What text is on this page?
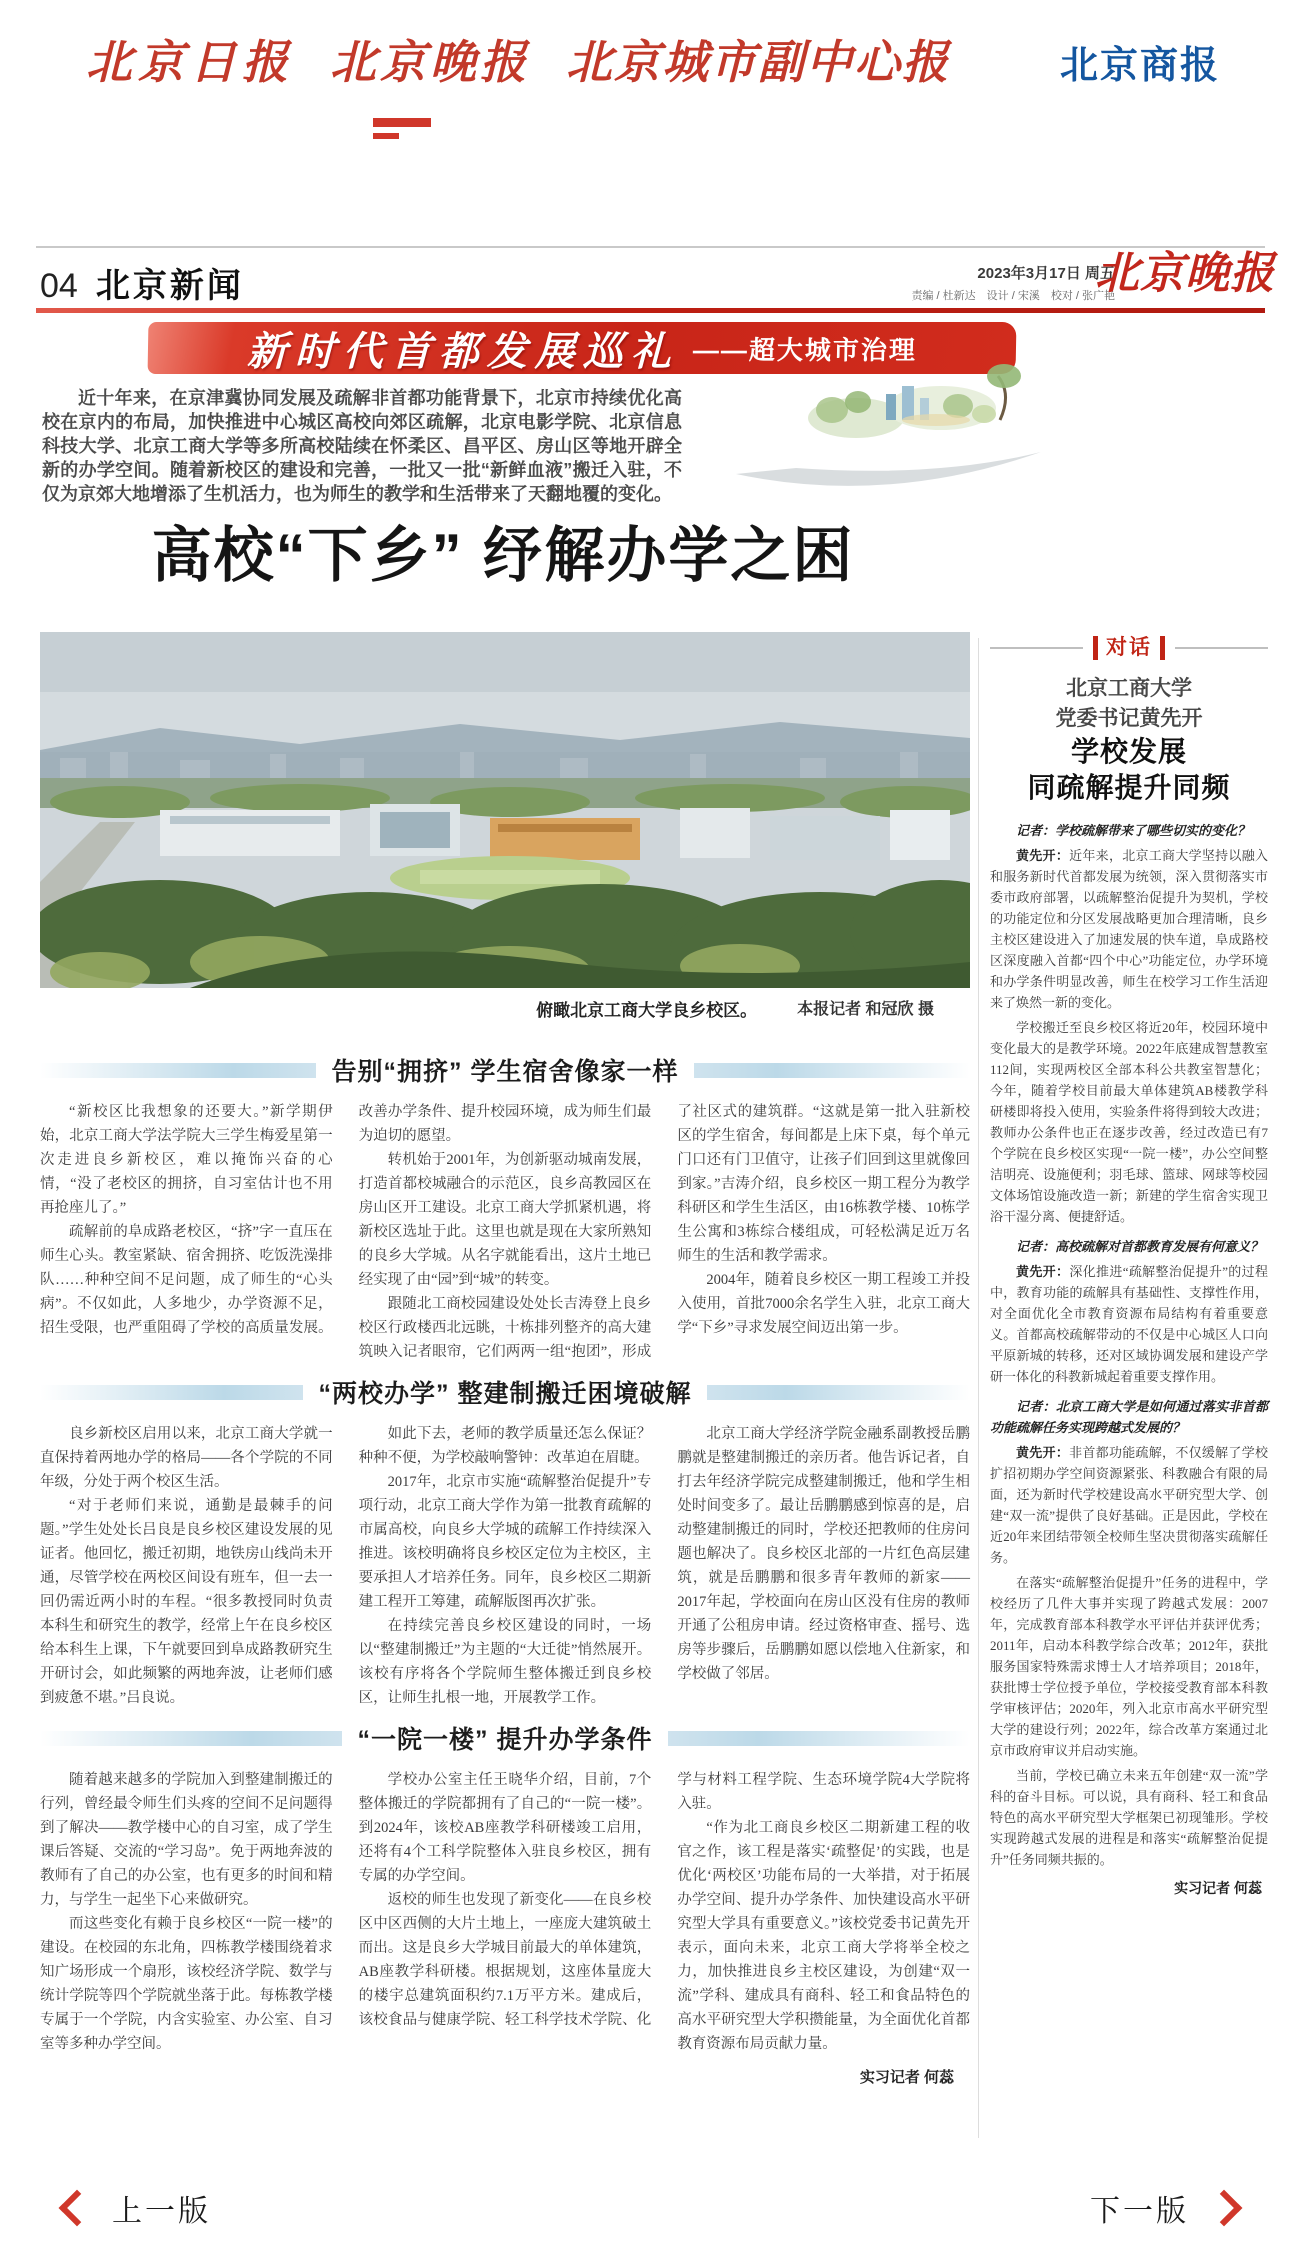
北京日报 北京晚报 北京城市副中心报	北京商报
04 北京新闻	2023年3月17日 周五
责编 / 杜新达　设计 / 宋溪　校对 / 张广艳
北京晚报
新时代首都发展巡礼 ——超大城市治理
近十年来，在京津冀协同发展及疏解非首都功能背景下，北京市持续优化高校在京内的布局，加快推进中心城区高校向郊区疏解，北京电影学院、北京信息科技大学、北京工商大学等多所高校陆续在怀柔区、昌平区、房山区等地开辟全新的办学空间。随着新校区的建设和完善，一批又一批“新鲜血液”搬迁入驻，不仅为京郊大地增添了生机活力，也为师生的教学和生活带来了天翻地覆的变化。
高校“下乡” 纾解办学之困
俯瞰北京工商大学良乡校区。	本报记者 和冠欣 摄
告别“拥挤” 学生宿舍像家一样

“新校区比我想象的还要大。”新学期伊始，北京工商大学法学院大三学生梅爱星第一次走进良乡新校区，难以掩饰兴奋的心情，“没了老校区的拥挤，自习室估计也不用再抢座儿了。”

疏解前的阜成路老校区，“挤”字一直压在师生心头。教室紧缺、宿舍拥挤、吃饭洗澡排队……种种空间不足问题，成了师生的“心头病”。不仅如此，人多地少，办学资源不足，招生受限，也严重阻碍了学校的高质量发展。改善办学条件、提升校园环境，成为师生们最为迫切的愿望。

转机始于2001年，为创新驱动城南发展，打造首都校城融合的示范区，良乡高教园区在房山区开工建设。北京工商大学抓紧机遇，将新校区选址于此。这里也就是现在大家所熟知的良乡大学城。从名字就能看出，这片土地已经实现了由“园”到“城”的转变。

跟随北工商校园建设处处长吉涛登上良乡校区行政楼西北远眺，十栋排列整齐的高大建筑映入记者眼帘，它们两两一组“抱团”，形成了社区式的建筑群。“这就是第一批入驻新校区的学生宿舍，每间都是上床下桌，每个单元门口还有门卫值守，让孩子们回到这里就像回到家。”吉涛介绍，良乡校区一期工程分为教学科研区和学生生活区，由16栋教学楼、10栋学生公寓和3栋综合楼组成，可轻松满足近万名师生的生活和教学需求。

2004年，随着良乡校区一期工程竣工并投入使用，首批7000余名学生入驻，北京工商大学“下乡”寻求发展空间迈出第一步。

“两校办学” 整建制搬迁困境破解

良乡新校区启用以来，北京工商大学就一直保持着两地办学的格局——各个学院的不同年级，分处于两个校区生活。

“对于老师们来说，通勤是最棘手的问题。”学生处处长吕良是良乡校区建设发展的见证者。他回忆，搬迁初期，地铁房山线尚未开通，尽管学校在两校区间设有班车，但一去一回仍需近两小时的车程。“很多教授同时负责本科生和研究生的教学，经常上午在良乡校区给本科生上课，下午就要回到阜成路教研究生开研讨会，如此频繁的两地奔波，让老师们感到疲惫不堪。”吕良说。

如此下去，老师的教学质量还怎么保证？种种不便，为学校敲响警钟：改革迫在眉睫。

2017年，北京市实施“疏解整治促提升”专项行动，北京工商大学作为第一批教育疏解的市属高校，向良乡大学城的疏解工作持续深入推进。该校明确将良乡校区定位为主校区，主要承担人才培养任务。同年，良乡校区二期新建工程开工筹建，疏解版图再次扩张。

在持续完善良乡校区建设的同时，一场以“整建制搬迁”为主题的“大迁徙”悄然展开。该校有序将各个学院师生整体搬迁到良乡校区，让师生扎根一地，开展教学工作。

北京工商大学经济学院金融系副教授岳鹏鹏就是整建制搬迁的亲历者。他告诉记者，自打去年经济学院完成整建制搬迁，他和学生相处时间变多了。最让岳鹏鹏感到惊喜的是，启动整建制搬迁的同时，学校还把教师的住房问题也解决了。良乡校区北部的一片红色高层建筑，就是岳鹏鹏和很多青年教师的新家——2017年起，学校面向在房山区没有住房的教师开通了公租房申请。经过资格审查、摇号、选房等步骤后，岳鹏鹏如愿以偿地入住新家，和学校做了邻居。

“一院一楼” 提升办学条件

随着越来越多的学院加入到整建制搬迁的行列，曾经最令师生们头疼的空间不足问题得到了解决——教学楼中心的自习室，成了学生课后答疑、交流的“学习岛”。免于两地奔波的教师有了自己的办公室，也有更多的时间和精力，与学生一起坐下心来做研究。

而这些变化有赖于良乡校区“一院一楼”的建设。在校园的东北角，四栋教学楼围绕着求知广场形成一个扇形，该校经济学院、数学与统计学院等四个学院就坐落于此。每栋教学楼专属于一个学院，内含实验室、办公室、自习室等多种办学空间。

学校办公室主任王晓华介绍，目前，7个整体搬迁的学院都拥有了自己的“一院一楼”。到2024年，该校AB座教学科研楼竣工启用，还将有4个工科学院整体入驻良乡校区，拥有专属的办学空间。

返校的师生也发现了新变化——在良乡校区中区西侧的大片土地上，一座庞大建筑破土而出。这是良乡大学城目前最大的单体建筑，AB座教学科研楼。根据规划，这座体量庞大的楼宇总建筑面积约7.1万平方米。建成后，该校食品与健康学院、轻工科学技术学院、化学与材料工程学院、生态环境学院4大学院将入驻。

“作为北工商良乡校区二期新建工程的收官之作，该工程是落实‘疏整促’的实践，也是优化‘两校区’功能布局的一大举措，对于拓展办学空间、提升办学条件、加快建设高水平研究型大学具有重要意义。”该校党委书记黄先开表示，面向未来，北京工商大学将举全校之力，加快推进良乡主校区建设，为创建“双一流”学科、建成具有商科、轻工和食品特色的高水平研究型大学积攒能量，为全面优化首都教育资源布局贡献力量。

实习记者 何蕊
对话
北京工商大学
党委书记黄先开
学校发展
同疏解提升同频

记者：学校疏解带来了哪些切实的变化？

黄先开：近年来，北京工商大学坚持以融入和服务新时代首都发展为统领，深入贯彻落实市委市政府部署，以疏解整治促提升为契机，学校的功能定位和分区发展战略更加合理清晰，良乡主校区建设进入了加速发展的快车道，阜成路校区深度融入首都“四个中心”功能定位，办学环境和办学条件明显改善，师生在校学习工作生活迎来了焕然一新的变化。

学校搬迁至良乡校区将近20年，校园环境中变化最大的是教学环境。2022年底建成智慧教室112间，实现两校区全部本科公共教室智慧化；今年，随着学校目前最大单体建筑AB楼教学科研楼即将投入使用，实验条件将得到较大改进；教师办公条件也正在逐步改善，经过改造已有7个学院在良乡校区实现“一院一楼”，办公空间整洁明亮、设施便利；羽毛球、篮球、网球等校园文体场馆设施改造一新；新建的学生宿舍实现卫浴干湿分离、便捷舒适。

记者：高校疏解对首都教育发展有何意义？

黄先开：深化推进“疏解整治促提升”的过程中，教育功能的疏解具有基础性、支撑性作用，对全面优化全市教育资源布局结构有着重要意义。首都高校疏解带动的不仅是中心城区人口向平原新城的转移，还对区域协调发展和建设产学研一体化的科教新城起着重要支撑作用。

记者：北京工商大学是如何通过落实非首都功能疏解任务实现跨越式发展的？

黄先开：非首都功能疏解，不仅缓解了学校扩招初期办学空间资源紧张、科教融合有限的局面，还为新时代学校建设高水平研究型大学、创建“双一流”提供了良好基础。正是因此，学校在近20年来团结带领全校师生坚决贯彻落实疏解任务。

在落实“疏解整治促提升”任务的进程中，学校经历了几件大事并实现了跨越式发展：2007年，完成教育部本科教学水平评估并获评优秀；2011年，启动本科教学综合改革；2012年，获批服务国家特殊需求博士人才培养项目；2018年，获批博士学位授予单位，学校接受教育部本科教学审核评估；2020年，列入北京市高水平研究型大学的建设行列；2022年，综合改革方案通过北京市政府审议并启动实施。

当前，学校已确立未来五年创建“双一流”学科的奋斗目标。可以说，具有商科、轻工和食品特色的高水平研究型大学框架已初现雏形。学校实现跨越式发展的进程是和落实“疏解整治促提升”任务同频共振的。

实习记者 何蕊
上一版	下一版
